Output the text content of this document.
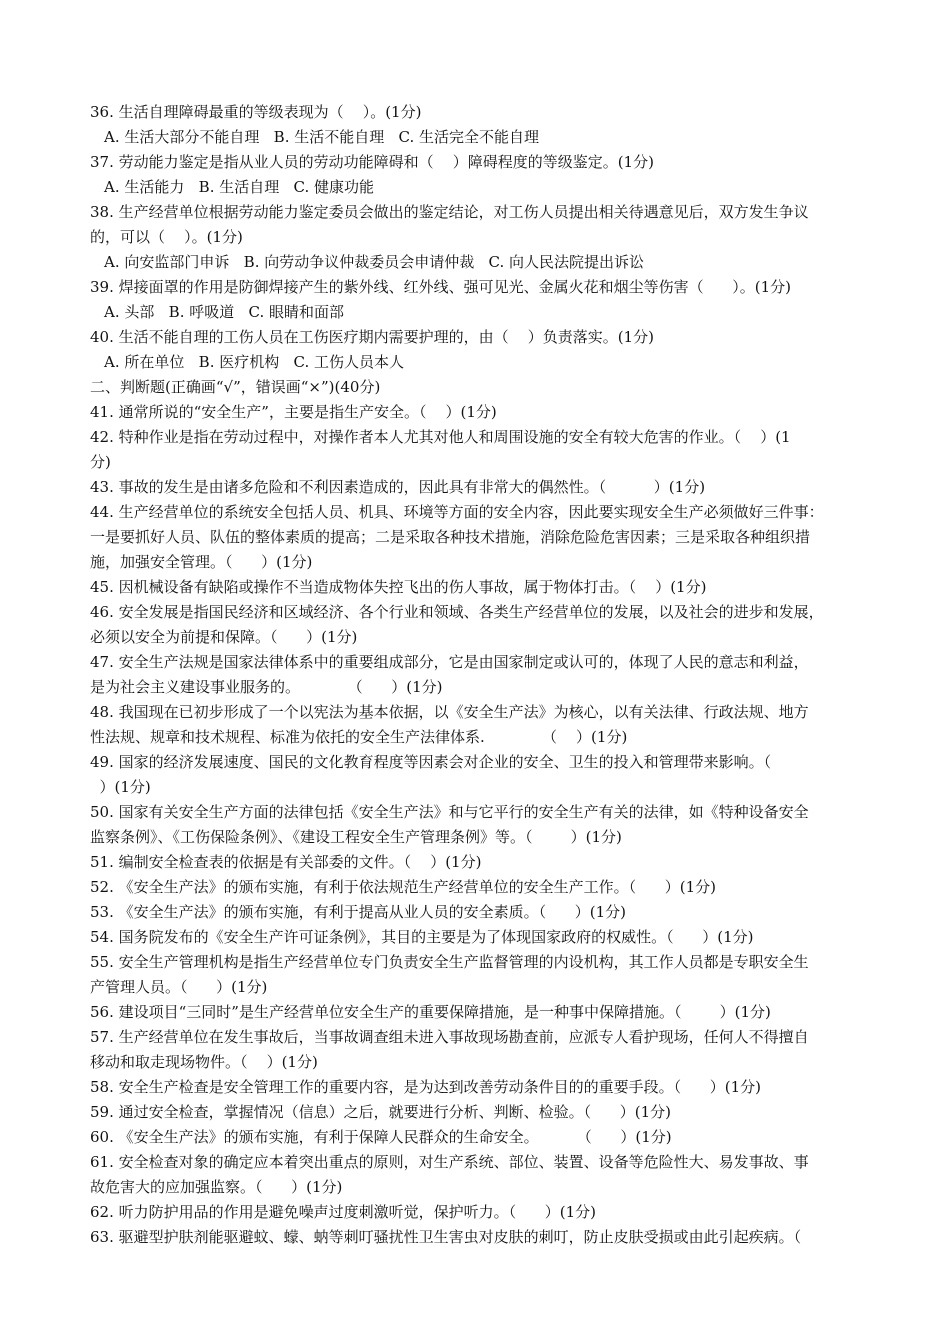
36. 生活自理障碍最重的等级表现为（    ）。(1分)
A. 生活大部分不能自理   B. 生活不能自理   C. 生活完全不能自理
37. 劳动能力鉴定是指从业人员的劳动功能障碍和（    ）障碍程度的等级鉴定。(1分)
A. 生活能力   B. 生活自理   C. 健康功能
38. 生产经营单位根据劳动能力鉴定委员会做出的鉴定结论，对工伤人员提出相关待遇意见后，双方发生争议
的，可以（    ）。(1分)
A. 向安监部门申诉   B. 向劳动争议仲裁委员会申请仲裁   C. 向人民法院提出诉讼
39. 焊接面罩的作用是防御焊接产生的紫外线、红外线、强可见光、金属火花和烟尘等伤害（      ）。(1分)
A. 头部   B. 呼吸道   C. 眼睛和面部
40. 生活不能自理的工伤人员在工伤医疗期内需要护理的，由（    ）负责落实。(1分)
A. 所在单位   B. 医疗机构   C. 工伤人员本人
二、判断题(正确画“√”，错误画“×”)(40分)
41. 通常所说的“安全生产”，主要是指生产安全。（    ）(1分)
42. 特种作业是指在劳动过程中，对操作者本人尤其对他人和周围设施的安全有较大危害的作业。（    ）(1
分)
43. 事故的发生是由诸多危险和不利因素造成的，因此具有非常大的偶然性。（          ）(1分)
44. 生产经营单位的系统安全包括人员、机具、环境等方面的安全内容，因此要实现安全生产必须做好三件事：
一是要抓好人员、队伍的整体素质的提高；二是采取各种技术措施，消除危险危害因素；三是采取各种组织措
施，加强安全管理。（      ）(1分)
45. 因机械设备有缺陷或操作不当造成物体失控飞出的伤人事故，属于物体打击。（    ）(1分)
46. 安全发展是指国民经济和区域经济、各个行业和领域、各类生产经营单位的发展，以及社会的进步和发展，
必须以安全为前提和保障。（      ）(1分)
47. 安全生产法规是国家法律体系中的重要组成部分，它是由国家制定或认可的，体现了人民的意志和利益，
是为社会主义建设事业服务的。          （      ）(1分)
48. 我国现在已初步形成了一个以宪法为基本依据，以《安全生产法》为核心，以有关法律、行政法规、地方
性法规、规章和技术规程、标准为依托的安全生产法律体系.            （    ）(1分)
49. 国家的经济发展速度、国民的文化教育程度等因素会对企业的安全、卫生的投入和管理带来影响。（
）(1分)
50. 国家有关安全生产方面的法律包括《安全生产法》和与它平行的安全生产有关的法律，如《特种设备安全
监察条例》、《工伤保险条例》、《建设工程安全生产管理条例》等。（        ）(1分)
51. 编制安全检查表的依据是有关部委的文件。（    ）(1分)
52. 《安全生产法》的颁布实施，有利于依法规范生产经营单位的安全生产工作。（      ）(1分)
53. 《安全生产法》的颁布实施，有利于提高从业人员的安全素质。（      ）(1分)
54. 国务院发布的《安全生产许可证条例》，其目的主要是为了体现国家政府的权威性。（      ）(1分)
55. 安全生产管理机构是指生产经营单位专门负责安全生产监督管理的内设机构，其工作人员都是专职安全生
产管理人员。（      ）(1分)
56. 建设项目“三同时”是生产经营单位安全生产的重要保障措施，是一种事中保障措施。（        ）(1分)
57. 生产经营单位在发生事故后，当事故调查组未进入事故现场勘查前，应派专人看护现场，任何人不得擅自
移动和取走现场物件。（    ）(1分)
58. 安全生产检查是安全管理工作的重要内容，是为达到改善劳动条件目的的重要手段。（      ）(1分)
59. 通过安全检查，掌握情况（信息）之后，就要进行分析、判断、检验。（      ）(1分)
60. 《安全生产法》的颁布实施，有利于保障人民群众的生命安全。        （      ）(1分)
61. 安全检查对象的确定应本着突出重点的原则，对生产系统、部位、装置、设备等危险性大、易发事故、事
故危害大的应加强监察。（      ）(1分)
62. 听力防护用品的作用是避免噪声过度刺激听觉，保护听力。（      ）(1分)
63. 驱避型护肤剂能驱避蚊、蠓、蚋等刺叮骚扰性卫生害虫对皮肤的刺叮，防止皮肤受损或由此引起疾病。（
